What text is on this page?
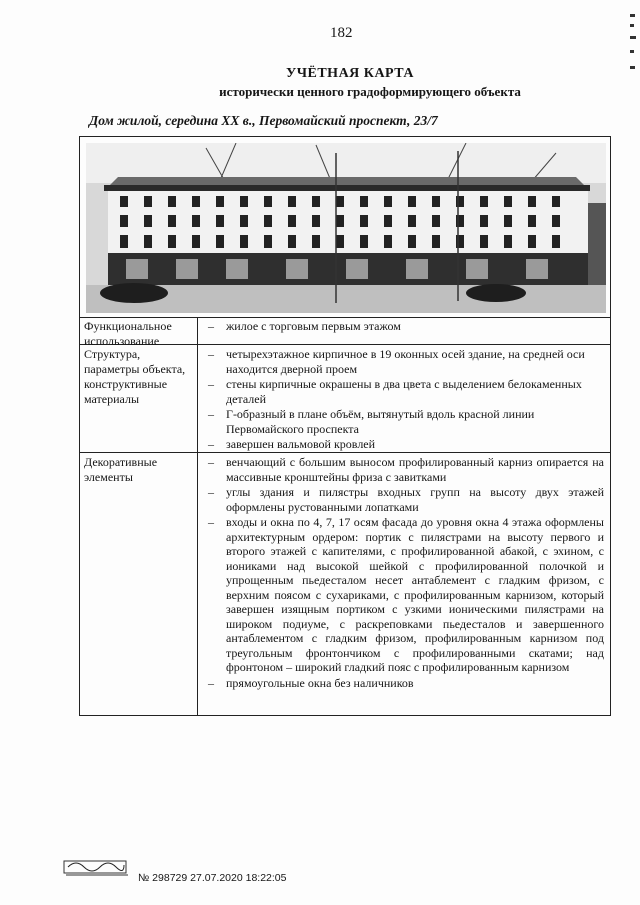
182
УЧЁТНАЯ КАРТА
исторически ценного градоформирующего объекта
Дом жилой, середина XX в., Первомайский проспект, 23/7
Функциональное использование
– жилое с торговым первым этажом
Структура, параметры объекта, конструктивные материалы
– четырехэтажное кирпичное в 19 оконных осей здание, на средней оси находится дверной проем
– стены кирпичные окрашены в два цвета с выделением белокаменных деталей
– Г-образный в плане объём, вытянутый вдоль красной линии Первомайского проспекта
– завершен вальмовой кровлей
Декоративные элементы
– венчающий с большим выносом профилированный карниз опирается на массивные кронштейны фриза с завитками
– углы здания и пилястры входных групп на высоту двух этажей оформлены рустованными лопатками
– входы и окна по 4, 7, 17 осям фасада до уровня окна 4 этажа оформлены архитектурным ордером: портик с пилястрами на высоту первого и второго этажей с капителями, с профилированной абакой, с эхином, с иониками над высокой шейкой с профилированной полочкой и упрощенным пьедесталом несет антаблемент с гладким фризом, с верхним поясом с сухариками, с профилированным карнизом, который завершен изящным портиком с узкими ионическими пилястрами на широком подиуме, с раскреповками пьедесталов и завершенного антаблементом с гладким фризом, профилированным карнизом под треугольным фронтончиком с профилированными скатами; над фронтоном – широкий гладкий пояс с профилированным карнизом
– прямоугольные окна без наличников
№ 298729 27.07.2020 18:22:05
